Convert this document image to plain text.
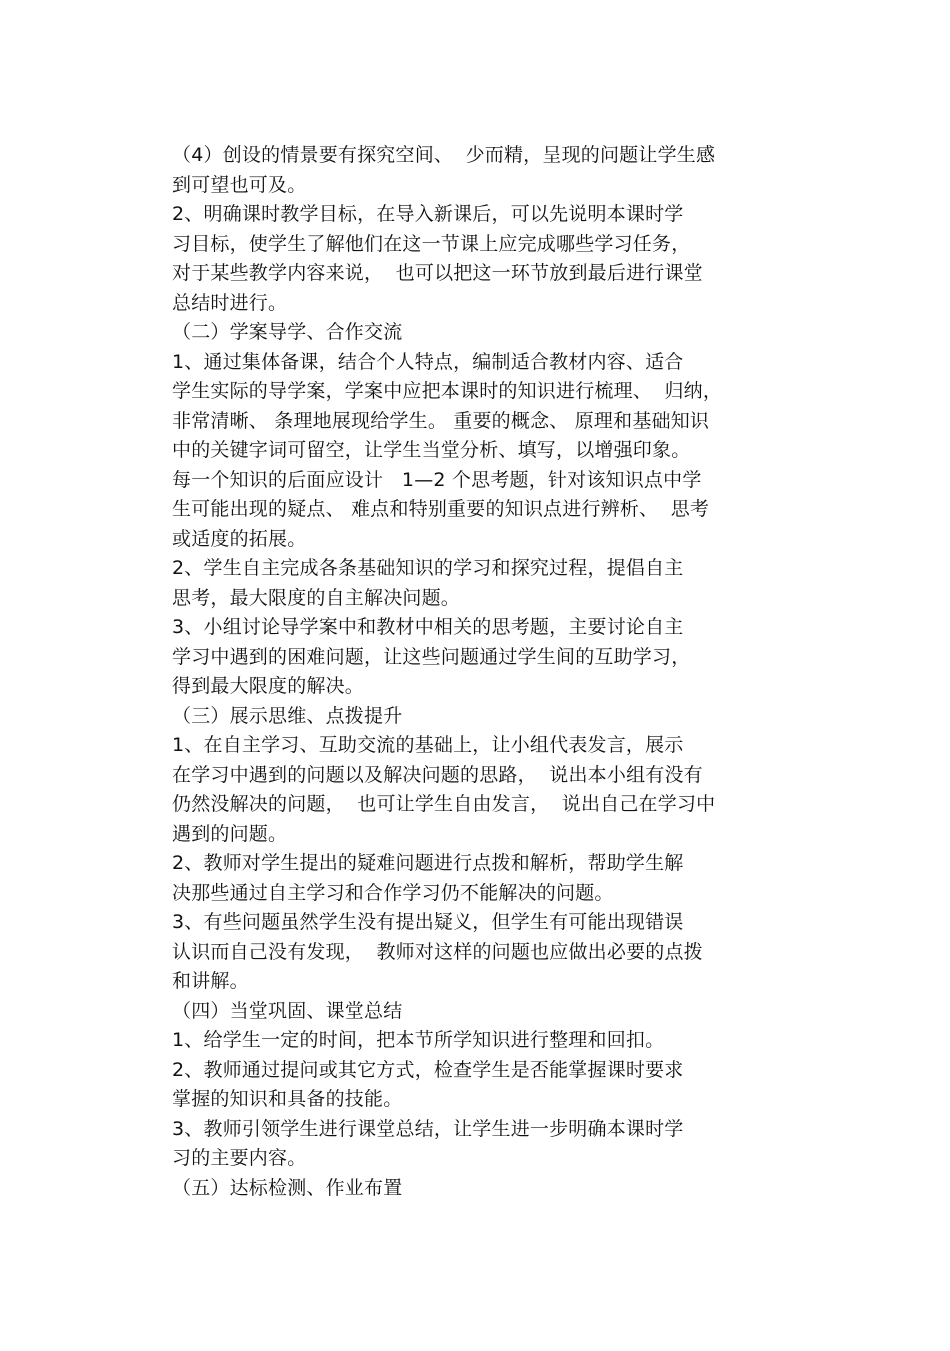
（4）创设的情景要有探究空间、  少而精，呈现的问题让学生感
到可望也可及。
2、明确课时教学目标，在导入新课后，可以先说明本课时学
习目标，使学生了解他们在这一节课上应完成哪些学习任务，
对于某些教学内容来说，  也可以把这一环节放到最后进行课堂
总结时进行。
（二）学案导学、合作交流
1、通过集体备课，结合个人特点，编制适合教材内容、适合
学生实际的导学案，学案中应把本课时的知识进行梳理、  归纳，
非常清晰、 条理地展现给学生。 重要的概念、 原理和基础知识
中的关键字词可留空，让学生当堂分析、填写，以增强印象。
每一个知识的后面应设计   1—2 个思考题，针对该知识点中学
生可能出现的疑点、 难点和特别重要的知识点进行辨析、  思考
或适度的拓展。
2、学生自主完成各条基础知识的学习和探究过程，提倡自主
思考，最大限度的自主解决问题。
3、小组讨论导学案中和教材中相关的思考题，主要讨论自主
学习中遇到的困难问题，让这些问题通过学生间的互助学习，
得到最大限度的解决。
（三）展示思维、点拨提升
1、在自主学习、互助交流的基础上，让小组代表发言，展示
在学习中遇到的问题以及解决问题的思路，  说出本小组有没有
仍然没解决的问题，  也可让学生自由发言，  说出自己在学习中
遇到的问题。
2、教师对学生提出的疑难问题进行点拨和解析，帮助学生解
决那些通过自主学习和合作学习仍不能解决的问题。
3、有些问题虽然学生没有提出疑义，但学生有可能出现错误
认识而自己没有发现，  教师对这样的问题也应做出必要的点拨
和讲解。
（四）当堂巩固、课堂总结
1、给学生一定的时间，把本节所学知识进行整理和回扣。
2、教师通过提问或其它方式，检查学生是否能掌握课时要求
掌握的知识和具备的技能。
3、教师引领学生进行课堂总结，让学生进一步明确本课时学
习的主要内容。
（五）达标检测、作业布置
